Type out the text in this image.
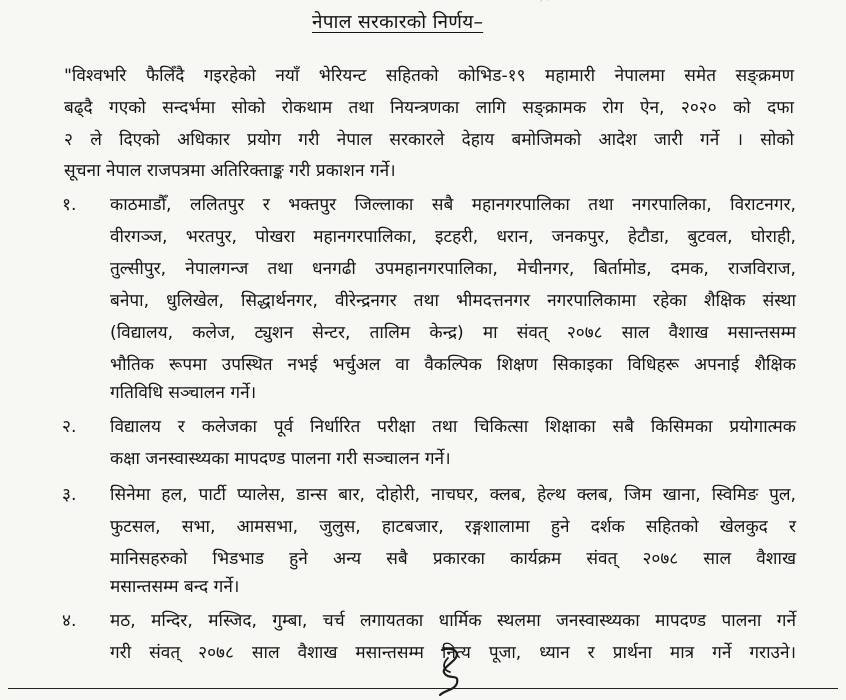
ʾ ˊ
नेपाल सरकारको निर्णय–
"विश्वभरि फैलिँदै गइरहेको नयाँ भेरियन्ट सहितको कोभिड-१९ महामारी नेपालमा समेत सङ्क्रमण
बढ्दै गएको सन्दर्भमा सोको रोकथाम तथा नियन्त्रणका लागि सङ्क्रामक रोग ऐन, २०२० को दफा
२ ले दिएको अधिकार प्रयोग गरी नेपाल सरकारले देहाय बमोजिमको आदेश जारी गर्ने । सोको
सूचना नेपाल राजपत्रमा अतिरिक्ताङ्क गरी प्रकाशन गर्ने।
१. काठमाडौँ, ललितपुर र भक्तपुर जिल्लाका सबै महानगरपालिका तथा नगरपालिका, विराटनगर,
वीरगञ्ज, भरतपुर, पोखरा महानगरपालिका, इटहरी, धरान, जनकपुर, हेटौडा, बुटवल, घोराही,
तुल्सीपुर, नेपालगन्ज तथा धनगढी उपमहानगरपालिका, मेचीनगर, बिर्तामोड, दमक, राजविराज,
बनेपा, धुलिखेल, सिद्धार्थनगर, वीरेन्द्रनगर तथा भीमदत्तनगर नगरपालिकामा रहेका शैक्षिक संस्था
(विद्यालय, कलेज, ट्युशन सेन्टर, तालिम केन्द्र) मा संवत् २०७८ साल वैशाख मसान्तसम्म
भौतिक रूपमा उपस्थित नभई भर्चुअल वा वैकल्पिक शिक्षण सिकाइका विधिहरू अपनाई शैक्षिक
गतिविधि सञ्चालन गर्ने।
२. विद्यालय र कलेजका पूर्व निर्धारित परीक्षा तथा चिकित्सा शिक्षाका सबै किसिमका प्रयोगात्मक
कक्षा जनस्वास्थ्यका मापदण्ड पालना गरी सञ्चालन गर्ने।
३. सिनेमा हल, पार्टी प्यालेस, डान्स बार, दोहोरी, नाचघर, क्लब, हेल्थ क्लब, जिम खाना, स्विमिङ पुल,
फुटसल, सभा, आमसभा, जुलुस, हाटबजार, रङ्गशालामा हुने दर्शक सहितको खेलकुद र
मानिसहरुको भिडभाड हुने अन्य सबै प्रकारका कार्यक्रम संवत् २०७८ साल वैशाख
मसान्तसम्म बन्द गर्ने।
४. मठ, मन्दिर, मस्जिद, गुम्बा, चर्च लगायतका धार्मिक स्थलमा जनस्वास्थ्यका मापदण्ड पालना गर्ने
गरी संवत् २०७८ साल वैशाख मसान्तसम्म नित्य पूजा, ध्यान र प्रार्थना मात्र गर्ने गराउने।
